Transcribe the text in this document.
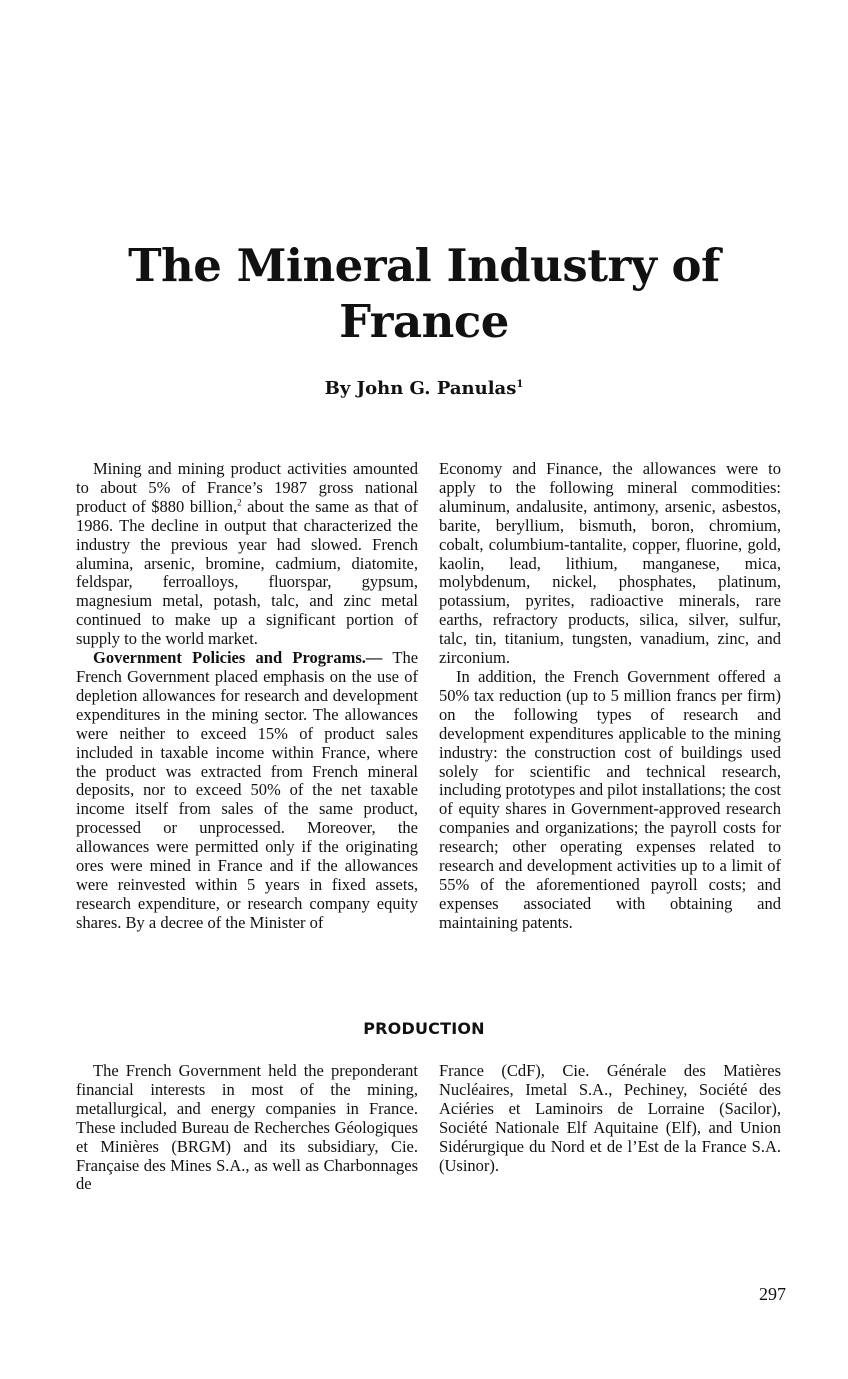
The Mineral Industry of
France
By John G. Panulas$^1$

Mining and mining product activities amounted to about 5% of France’s 1987 gross national product of $880 billion,$^2$ about the same as that of 1986. The decline in output that characterized the industry the previous year had slowed. French alumina, arsenic, bromine, cadmium, diatomite, feldspar, ferroalloys, fluorspar, gypsum, magnesium metal, potash, talc, and zinc metal continued to make up a significant portion of supply to the world market.

Government Policies and Programs.— The French Government placed emphasis on the use of depletion allowances for research and development expenditures in the mining sector. The allowances were neither to exceed 15% of product sales included in taxable income within France, where the product was extracted from French mineral deposits, nor to exceed 50% of the net taxable income itself from sales of the same product, processed or unprocessed. Moreover, the allowances were permitted only if the originating ores were mined in France and if the allowances were reinvested within 5 years in fixed assets, research expenditure, or research company equity shares. By a decree of the Minister of

Economy and Finance, the allowances were to apply to the following mineral commodities: aluminum, andalusite, antimony, arsenic, asbestos, barite, beryllium, bismuth, boron, chromium, cobalt, columbium-tantalite, copper, fluorine, gold, kaolin, lead, lithium, manganese, mica, molybdenum, nickel, phosphates, platinum, potassium, pyrites, radioactive minerals, rare earths, refractory products, silica, silver, sulfur, talc, tin, titanium, tungsten, vanadium, zinc, and zirconium.

In addition, the French Government offered a 50% tax reduction (up to 5 million francs per firm) on the following types of research and development expenditures applicable to the mining industry: the construction cost of buildings used solely for scientific and technical research, including prototypes and pilot installations; the cost of equity shares in Government-approved research companies and organizations; the payroll costs for research; other operating expenses related to research and development activities up to a limit of 55% of the aforementioned payroll costs; and expenses associated with obtaining and maintaining patents.

PRODUCTION

The French Government held the preponderant financial interests in most of the mining, metallurgical, and energy companies in France. These included Bureau de Recherches Géologiques et Minières (BRGM) and its subsidiary, Cie. Française des Mines S.A., as well as Charbonnages de

France (CdF), Cie. Générale des Matières Nucléaires, Imetal S.A., Pechiney, Société des Aciéries et Laminoirs de Lorraine (Sacilor), Société Nationale Elf Aquitaine (Elf), and Union Sidérurgique du Nord et de l’Est de la France S.A. (Usinor).

297
